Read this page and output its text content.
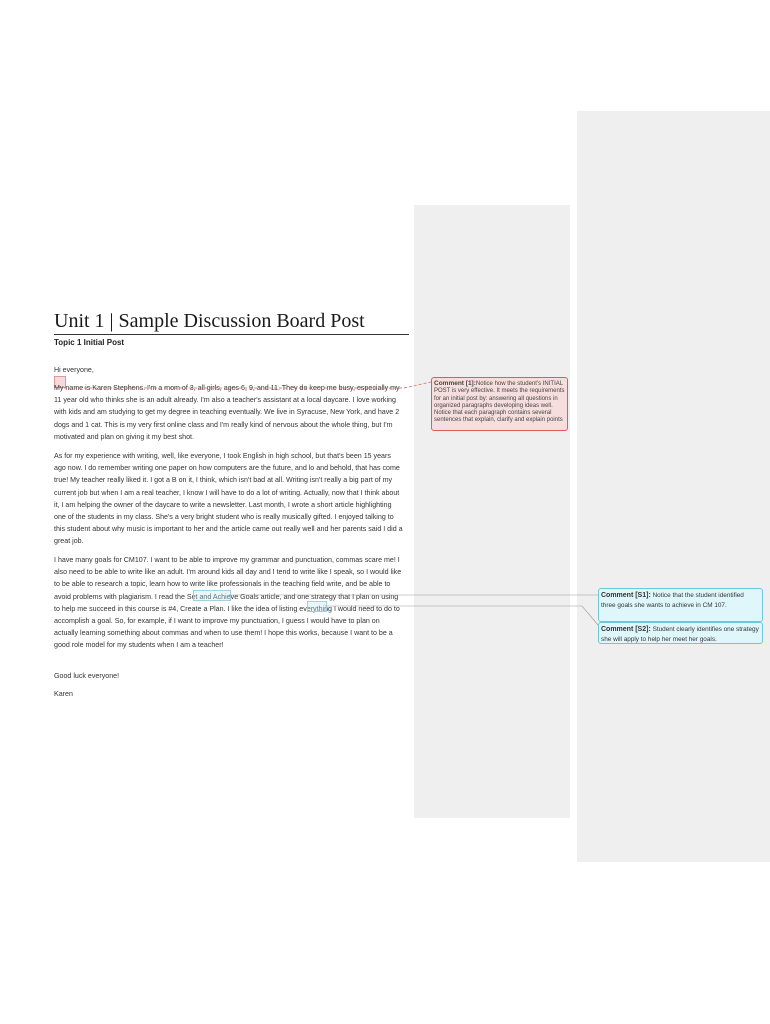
Unit 1 | Sample Discussion Board Post
Topic 1 Initial Post

Hi everyone,

My name is Karen Stephens. I'm a mom of 3, all girls, ages 6, 9, and 11. They do keep me busy, especially my 11 year old who thinks she is an adult already. I'm also a teacher's assistant at a local daycare. I love working with kids and am studying to get my degree in teaching eventually. We live in Syracuse, New York, and have 2 dogs and 1 cat. This is my very first online class and I'm really kind of nervous about the whole thing, but I'm motivated and plan on giving it my best shot.

As for my experience with writing, well, like everyone, I took English in high school, but that's been 15 years ago now. I do remember writing one paper on how computers are the future, and lo and behold, that has come true! My teacher really liked it. I got a B on it, I think, which isn't bad at all. Writing isn't really a big part of my current job but when I am a real teacher, I know I will have to do a lot of writing. Actually, now that I think about it, I am helping the owner of the daycare to write a newsletter. Last month, I wrote a short article highlighting one of the students in my class. She's a very bright student who is really musically gifted. I enjoyed talking to this student about why music is important to her and the article came out really well and her parents said I did a great job.

I have many goals for CM107. I want to be able to improve my grammar and punctuation, commas scare me! I also need to be able to write like an adult. I'm around kids all day and I tend to write like I speak, so I would like to be able to research a topic, learn how to write like professionals in the teaching field write, and be able to avoid problems with plagiarism. I read the Set and Achieve Goals article, and one strategy that I plan on using to help me succeed in this course is #4, Create a Plan. I like the idea of listing everything I would need to do to accomplish a goal. So, for example, if I want to improve my punctuation, I guess I would have to plan on actually learning something about commas and when to use them! I hope this works, because I want to be a good role model for my students when I am a teacher!

Good luck everyone!

Karen

Comment [1]:Notice how the student's INITIAL POST is very effective. It meets the requirements for an initial post by: answering all questions in organized paragraphs developing ideas well. Notice that each paragraph contains several sentences that explain, clarify and explain points
Comment [S1]: Notice that the student identified three goals she wants to achieve in CM 107.
Comment [S2]: Student clearly identifies one strategy she will apply to help her meet her goals.
